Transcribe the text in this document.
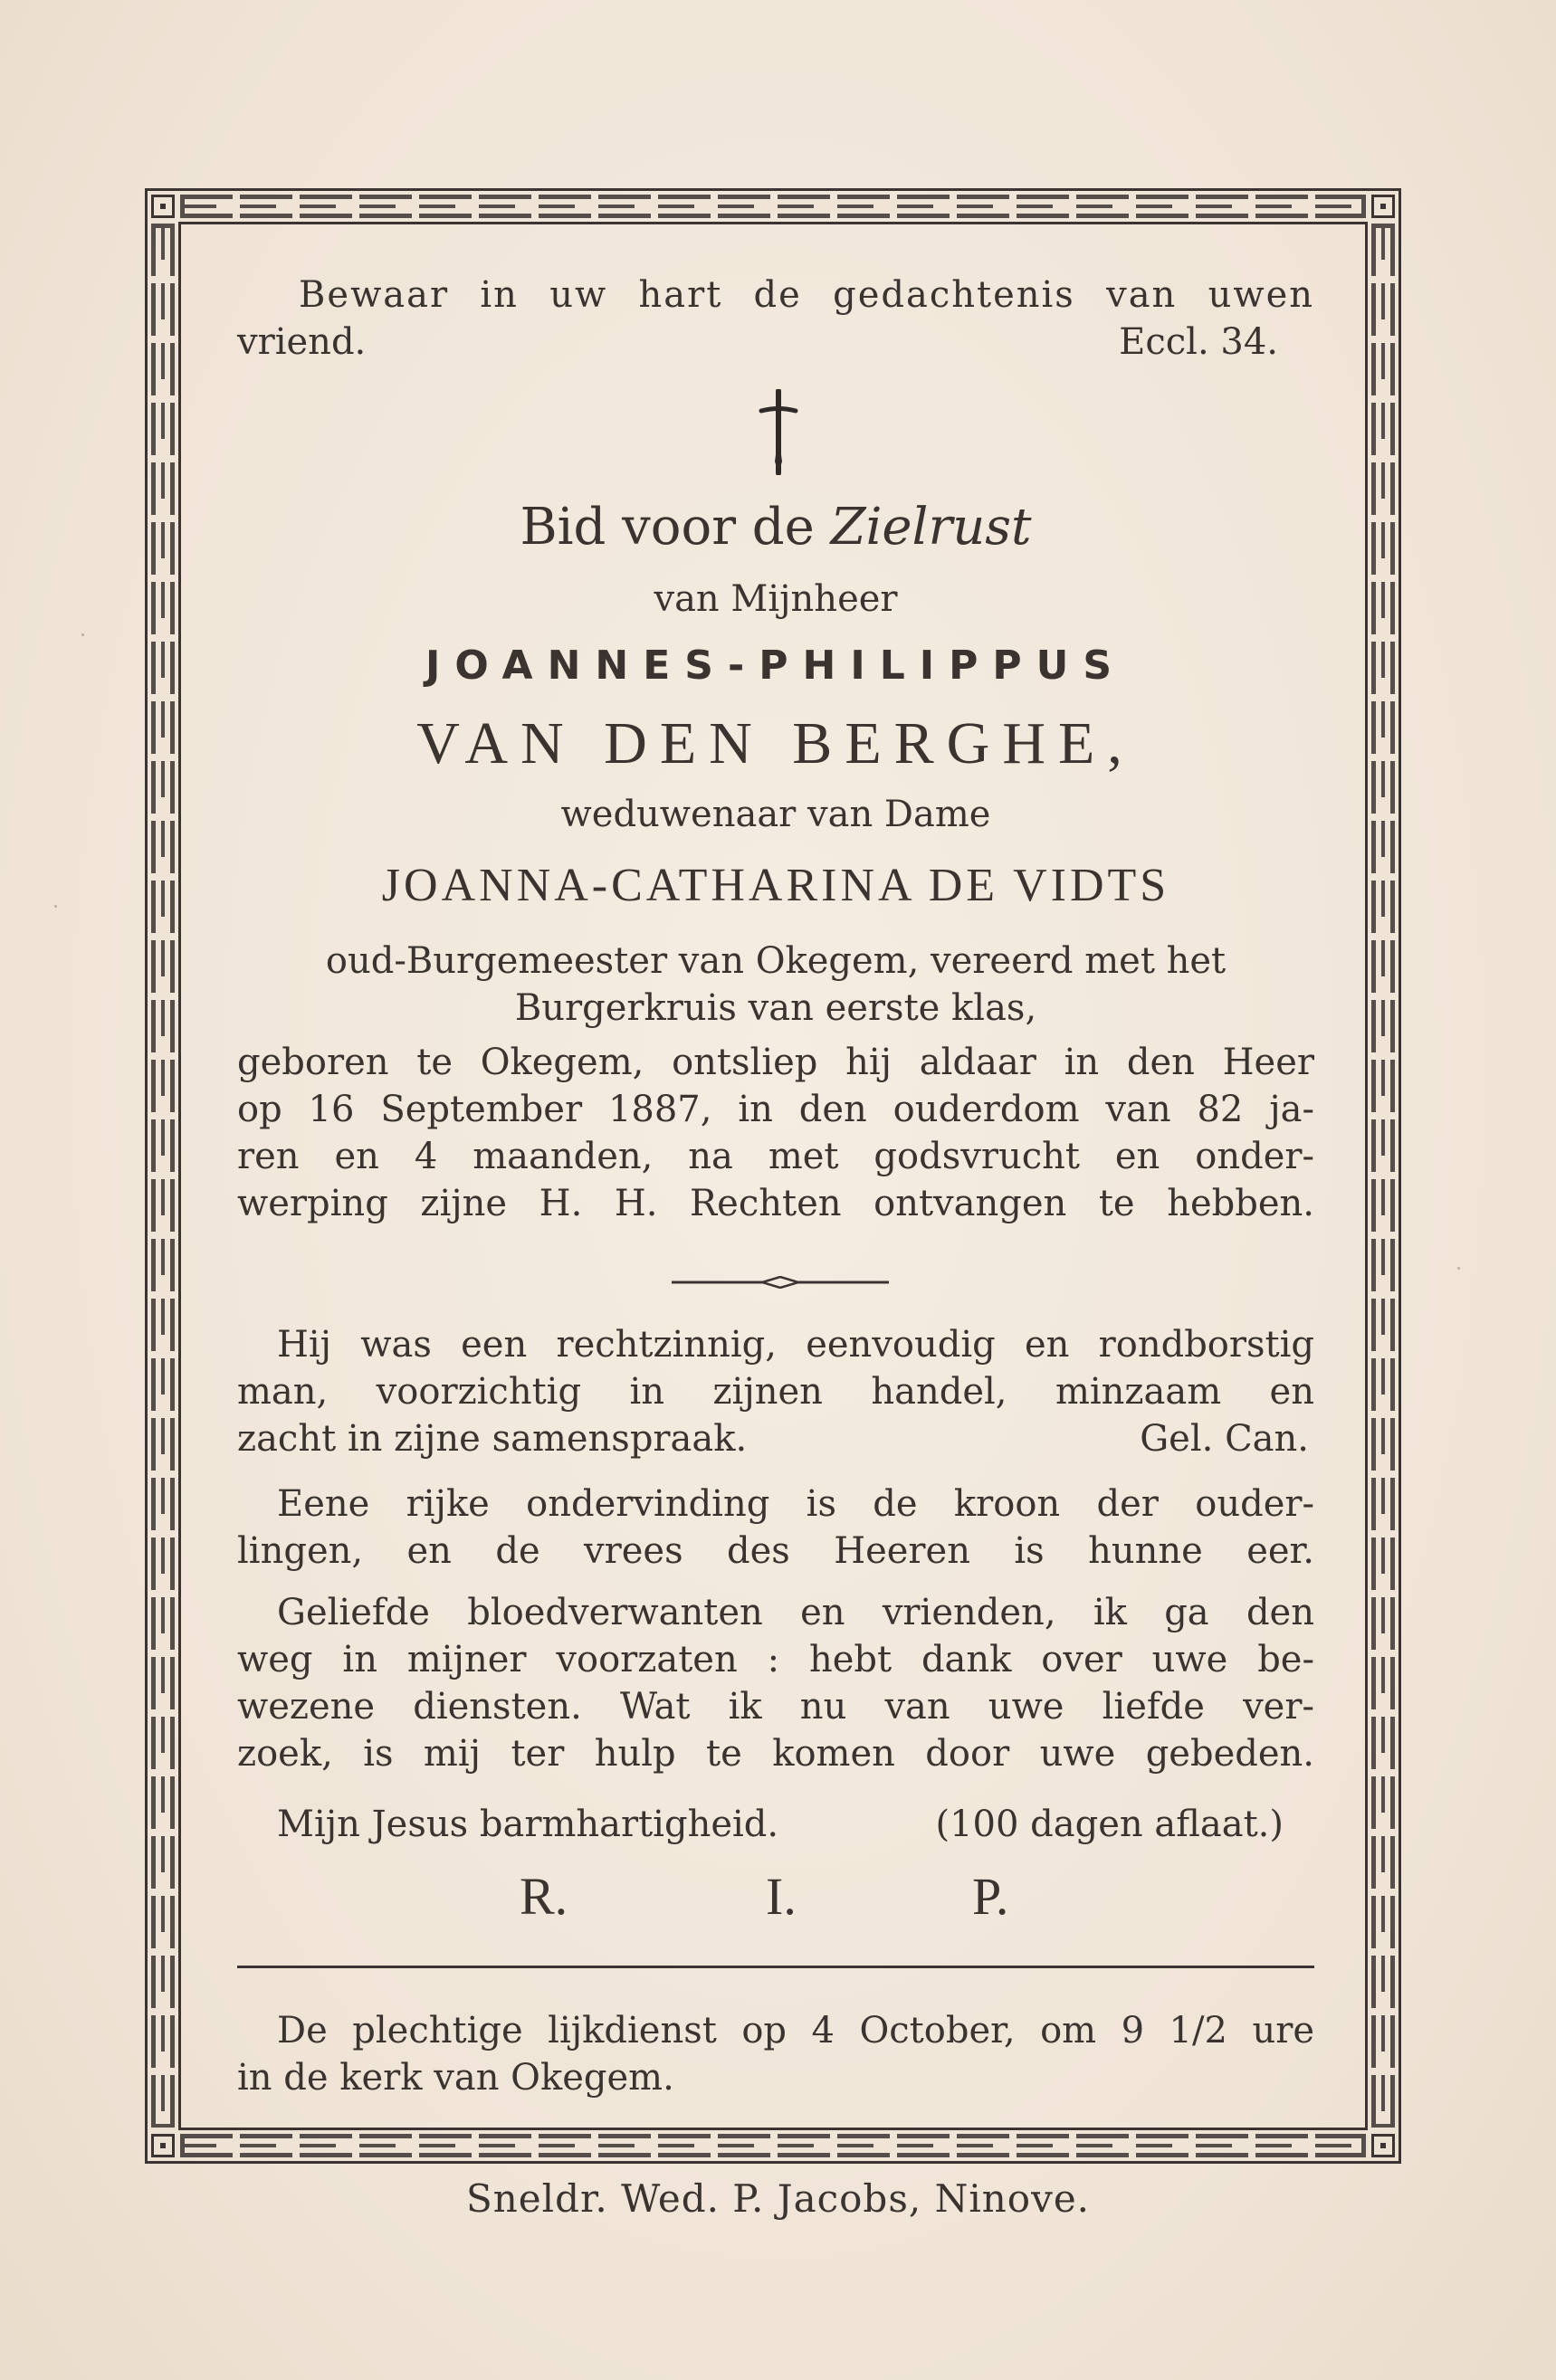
Bewaar in uw hart de gedachtenis van uwen
vriend.	Eccl. 34.
Bid voor de Zielrust
van Mijnheer
JOANNES-PHILIPPUS
VAN DEN BERGHE,
weduwenaar van Dame
JOANNA-CATHARINA DE VIDTS
oud-Burgemeester van Okegem, vereerd met het
Burgerkruis van eerste klas,
geboren te Okegem, ontsliep hij aldaar in den Heer
op 16 September 1887, in den ouderdom van 82 ja-
ren en 4 maanden, na met godsvrucht en onder-
werping zijne H. H. Rechten ontvangen te hebben.
Hij was een rechtzinnig, eenvoudig en rondborstig
man, voorzichtig in zijnen handel, minzaam en
zacht in zijne samenspraak.	Gel. Can.
Eene rijke ondervinding is de kroon der ouder-
lingen, en de vrees des Heeren is hunne eer.
Geliefde bloedverwanten en vrienden, ik ga den
weg in mijner voorzaten : hebt dank over uwe be-
wezene diensten. Wat ik nu van uwe liefde ver-
zoek, is mij ter hulp te komen door uwe gebeden.
Mijn Jesus barmhartigheid.	(100 dagen aflaat.)
R.	I.	P.
De plechtige lijkdienst op 4 October, om 9 1/2 ure
in de kerk van Okegem.
Sneldr. Wed. P. Jacobs, Ninove.
